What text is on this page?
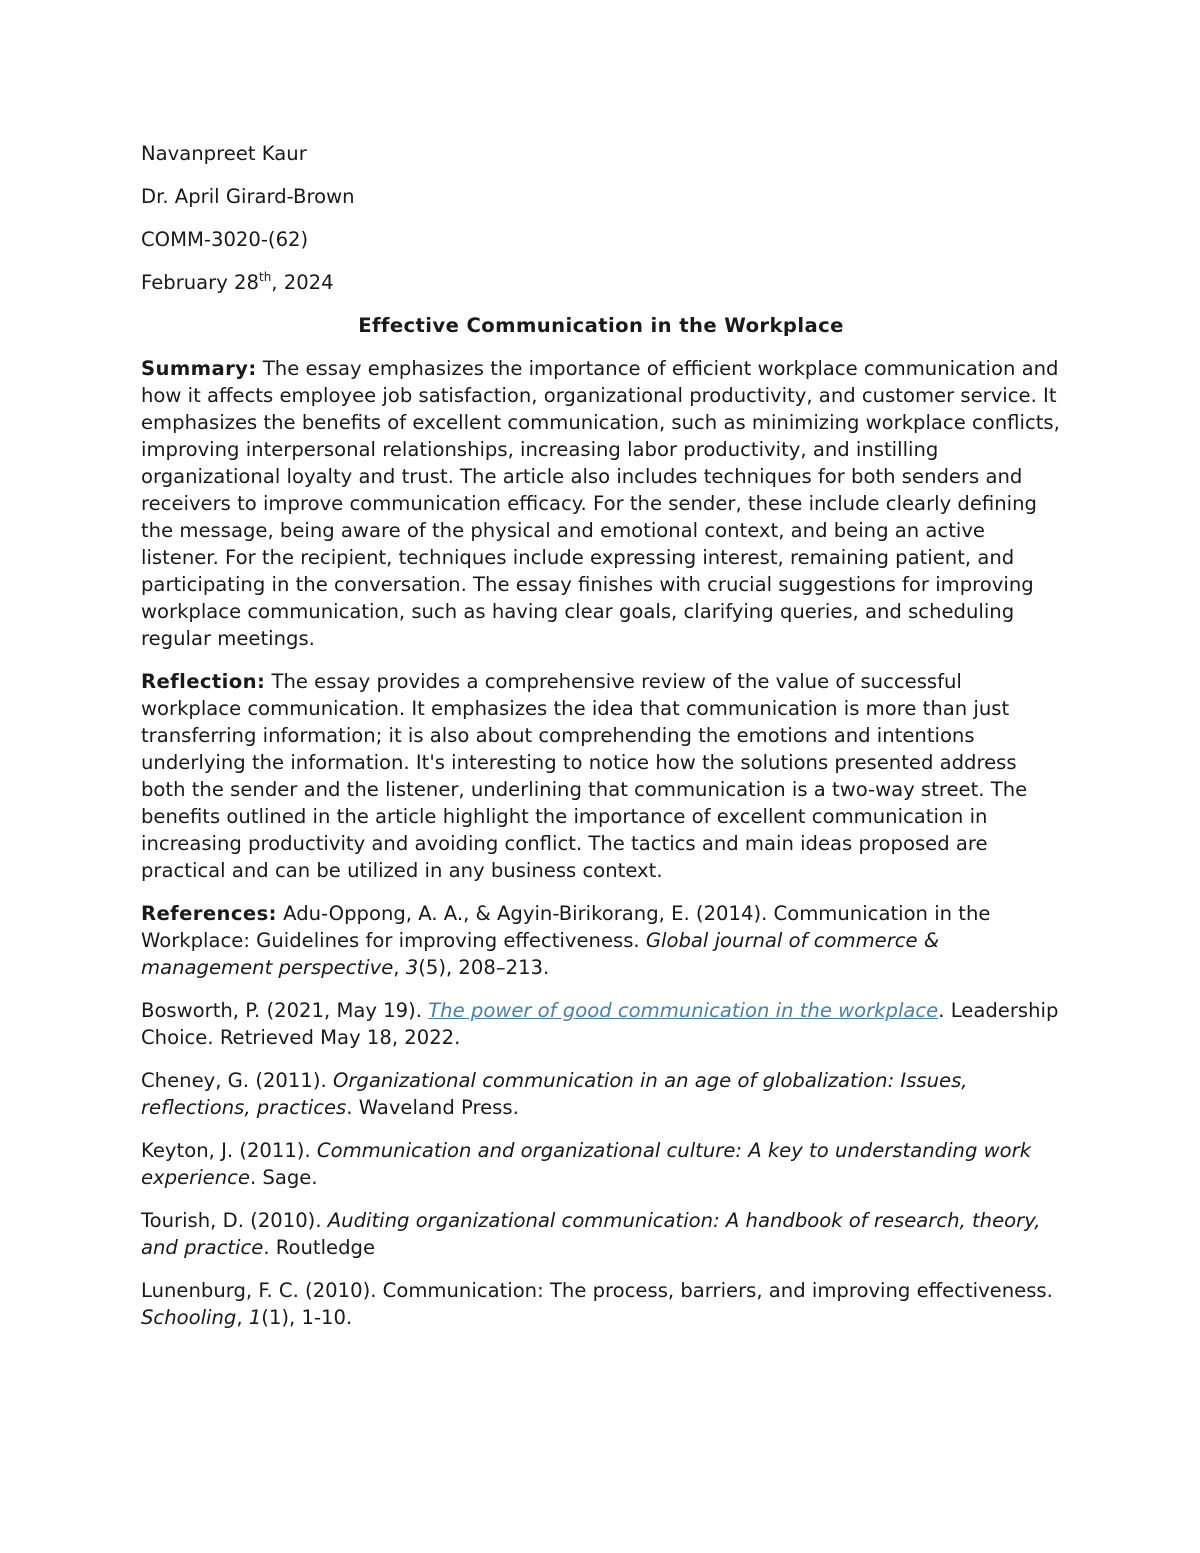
Navanpreet Kaur
Dr. April Girard-Brown
COMM-3020-(62)
February 28th, 2024
Effective Communication in the Workplace
Summary: The essay emphasizes the importance of efficient workplace communication and how it affects employee job satisfaction, organizational productivity, and customer service. It emphasizes the benefits of excellent communication, such as minimizing workplace conflicts, improving interpersonal relationships, increasing labor productivity, and instilling organizational loyalty and trust. The article also includes techniques for both senders and receivers to improve communication efficacy. For the sender, these include clearly defining the message, being aware of the physical and emotional context, and being an active listener. For the recipient, techniques include expressing interest, remaining patient, and participating in the conversation. The essay finishes with crucial suggestions for improving workplace communication, such as having clear goals, clarifying queries, and scheduling regular meetings.
Reflection: The essay provides a comprehensive review of the value of successful workplace communication. It emphasizes the idea that communication is more than just transferring information; it is also about comprehending the emotions and intentions underlying the information. It's interesting to notice how the solutions presented address both the sender and the listener, underlining that communication is a two-way street. The benefits outlined in the article highlight the importance of excellent communication in increasing productivity and avoiding conflict. The tactics and main ideas proposed are practical and can be utilized in any business context.
References: Adu-Oppong, A. A., & Agyin-Birikorang, E. (2014). Communication in the Workplace: Guidelines for improving effectiveness. Global journal of commerce & management perspective, 3(5), 208–213.
Bosworth, P. (2021, May 19). The power of good communication in the workplace. Leadership Choice. Retrieved May 18, 2022.
Cheney, G. (2011). Organizational communication in an age of globalization: Issues, reflections, practices. Waveland Press.
Keyton, J. (2011). Communication and organizational culture: A key to understanding work experience. Sage.
Tourish, D. (2010). Auditing organizational communication: A handbook of research, theory, and practice. Routledge
Lunenburg, F. C. (2010). Communication: The process, barriers, and improving effectiveness. Schooling, 1(1), 1-10.
